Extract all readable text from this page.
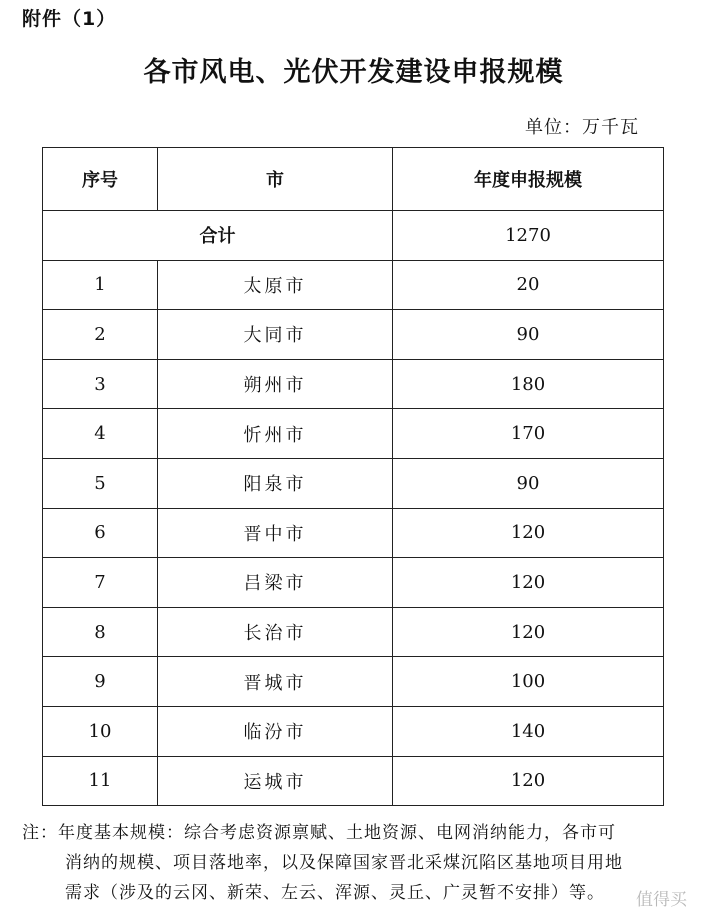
附件（1）
各市风电、光伏开发建设申报规模
单位：万千瓦
序号	市	年度申报规模
合计		1270
1	太原市	20
2	大同市	90
3	朔州市	180
4	忻州市	170
5	阳泉市	90
6	晋中市	120
7	吕梁市	120
8	长治市	120
9	晋城市	100
10	临汾市	140
11	运城市	120
注：年度基本规模：综合考虑资源禀赋、土地资源、电网消纳能力，各市可
消纳的规模、项目落地率，以及保障国家晋北采煤沉陷区基地项目用地
需求（涉及的云冈、新荣、左云、浑源、灵丘、广灵暂不安排）等。	值得买
